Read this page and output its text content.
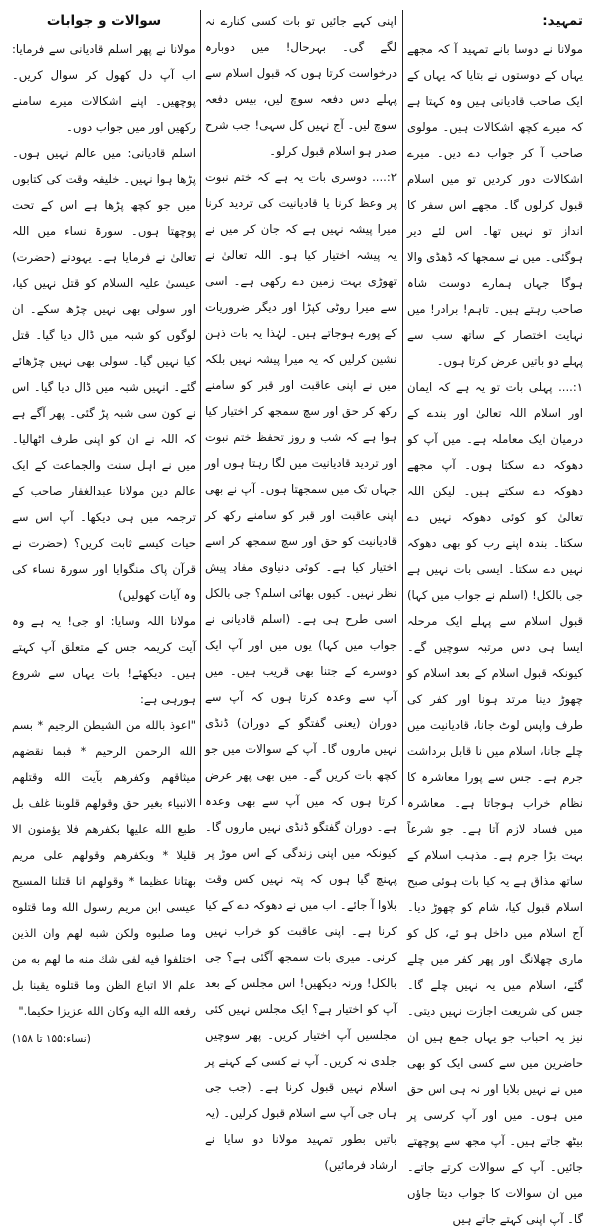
تمہید:

مولانا نے دوسا بانے تمہید آ کہ مجھے یہاں کے دوستوں نے بتایا کہ یہاں کے ایک صاحب قادیانی ہیں وہ کہتا ہے کہ میرے کچھ اشکالات ہیں۔ مولوی صاحب آ کر جواب دے دیں۔ میرے اشکالات دور کردیں تو میں اسلام قبول کرلوں گا۔ مجھے اس سفر کا انداز تو نہیں تھا۔ اس لئے دیر ہوگئی۔ میں نے سمجھا کہ ڈھڈی والا ہوگا جہاں ہمارے دوست شاہ صاحب رہتے ہیں۔ تاہم! برادر! میں نہایت اختصار کے ساتھ سب سے پہلے دو باتیں عرض کرتا ہوں۔

۱:.... پہلی بات تو یہ ہے کہ ایمان اور اسلام اللہ تعالیٰ اور بندے کے درمیان ایک معاملہ ہے۔ میں آپ کو دھوکہ دے سکتا ہوں۔ آپ مجھے دھوکہ دے سکتے ہیں۔ لیکن اللہ تعالیٰ کو کوئی دھوکہ نہیں دے سکتا۔ بندہ اپنے رب کو بھی دھوکہ نہیں دے سکتا۔ ایسی بات نہیں ہے جی بالکل! (اسلم نے جواب میں کہا) قبول اسلام سے پہلے ایک مرحلہ ایسا ہی دس مرتبہ سوچیں گے۔ کیونکہ قبول اسلام کے بعد اسلام کو چھوڑ دینا مرتد ہونا اور کفر کی طرف واپس لوٹ جانا، قادیانیت میں چلے جانا، اسلام میں نا قابل برداشت جرم ہے۔ جس سے پورا معاشرہ کا نظام خراب ہوجاتا ہے۔ معاشرہ میں فساد لازم آتا ہے۔ جو شرعاً بہت بڑا جرم ہے۔ مذہب اسلام کے ساتھ مذاق ہے یہ کیا بات ہوئی صبح اسلام قبول کیا، شام کو چھوڑ دیا۔ آج اسلام میں داخل ہو ئے، کل کو ماری چھلانگ اور پھر کفر میں چلے گئے، اسلام میں یہ نہیں چلے گا۔ جس کی شریعت اجازت نہیں دیتی۔ نیز یہ احباب جو یہاں جمع ہیں ان حاضرین میں سے کسی ایک کو بھی میں نے نہیں بلایا اور نہ ہی اس حق میں ہوں۔ میں اور آپ کرسی پر بیٹھ جاتے ہیں۔ آپ مجھ سے پوچھتے جائیں۔ آپ کے سوالات کرتے جاتے۔ میں ان سوالات کا جواب دیتا جاؤں گا۔ آپ اپنی کہتے جاتے ہیں

اپنی کہے جائیں تو بات کسی کنارے نہ لگے گی۔ بہرحال! میں دوبارہ درخواست کرتا ہوں کہ قبول اسلام سے پہلے دس دفعہ سوچ لیں، بیس دفعہ سوچ لیں۔ آج نہیں کل سہی! جب شرح صدر ہو اسلام قبول کرلو۔

۲:.... دوسری بات یہ ہے کہ ختم نبوت پر وعظ کرنا یا قادیانیت کی تردید کرنا میرا پیشہ نہیں ہے کہ جان کر میں نے یہ پیشہ اختیار کیا ہو۔ اللہ تعالیٰ نے تھوڑی بہت زمین دے رکھی ہے۔ اسی سے میرا روٹی کپڑا اور دیگر ضروریات کے پورے ہوجاتے ہیں۔ لہٰذا یہ بات ذہن نشین کرلیں کہ یہ میرا پیشہ نہیں بلکہ میں نے اپنی عاقبت اور قبر کو سامنے رکھ کر حق اور سچ سمجھ کر اختیار کیا ہوا ہے کہ شب و روز تحفظ ختم نبوت اور تردید قادیانیت میں لگا رہتا ہوں اور جہاں تک میں سمجھتا ہوں۔ آپ نے بھی اپنی عاقبت اور قبر کو سامنے رکھ کر قادیانیت کو حق اور سچ سمجھ کر اسے اختیار کیا ہے۔ کوئی دنیاوی مفاد پیش نظر نہیں۔ کیوں بھائی اسلم؟ جی بالکل اسی طرح ہی ہے۔ (اسلم قادیانی نے جواب میں کہا) یوں میں اور آپ ایک دوسرے کے جتنا بھی قریب ہیں۔ میں آپ سے وعدہ کرتا ہوں کہ آپ سے دوران (یعنی گفتگو کے دوران) ڈنڈی نہیں ماروں گا۔ آپ کے سوالات میں جو کچھ بات کریں گے۔ میں بھی پھر عرض کرتا ہوں کہ میں آپ سے بھی وعدہ ہے۔ دوران گفتگو ڈنڈی نہیں ماروں گا۔ کیونکہ میں اپنی زندگی کے اس موڑ پر پہنچ گیا ہوں کہ پتہ نہیں کس وقت بلاوا آ جائے۔ اب میں نے دھوکہ دے کے کیا کرنا ہے۔ اپنی عاقبت کو خراب نہیں کرنی۔ میری بات سمجھ آگئی ہے؟ جی بالکل! ورنہ دیکھیں! اس مجلس کے بعد آپ کو اختیار ہے؟ ایک مجلس نہیں کئی مجلسیں آپ اختیار کریں۔ پھر سوچیں جلدی نہ کریں۔ آپ نے کسی کے کہنے پر اسلام نہیں قبول کرنا ہے۔ (جب جی ہاں جی آپ سے اسلام قبول کرلیں۔ (یہ باتیں بطور تمہید مولانا دو سایا نے ارشاد فرمائیں)

سوالات و جوابات

مولانا نے پھر اسلم قادیانی سے فرمایا: اب آپ دل کھول کر سوال کریں۔ پوچھیں۔ اپنے اشکالات میرے سامنے رکھیں اور میں جواب دوں۔

اسلم قادیانی: میں عالم نہیں ہوں۔ پڑھا ہوا نہیں۔ خلیفہ وقت کی کتابوں میں جو کچھ پڑھا ہے اس کے تحت پوچھتا ہوں۔ سورۃ نساء میں اللہ تعالیٰ نے فرمایا ہے۔ یہودنے (حضرت) عیسیٰ علیہ السلام کو قتل نہیں کیا، اور سولی بھی نہیں چڑھ سکے۔ ان لوگوں کو شبہ میں ڈال دیا گیا۔ قتل کیا نہیں گیا۔ سولی بھی نہیں چڑھائے گئے۔ انہیں شبہ میں ڈال دیا گیا۔ اس نے کون سی شبہ پڑ گئی۔ پھر آگے ہے کہ اللہ نے ان کو اپنی طرف اٹھالیا۔ میں نے اہل سنت والجماعت کے ایک عالم دین مولانا عبدالغفار صاحب کے ترجمہ میں ہی دیکھا۔ آپ اس سے حیات کیسے ثابت کریں؟ (حضرت نے قرآن پاک منگوایا اور سورۃ نساء کی وہ آیات کھولیں)

مولانا اللہ وسایا: او جی! یہ ہے وہ آیت کریمہ جس کے متعلق آپ کہتے ہیں۔ دیکھئے! بات یہاں سے شروع ہورہی ہے:

"اعوذ بالله من الشيطن الرجيم * بسم الله الرحمن الرحيم * فبما نقضهم ميثاقهم وكفرهم بآيت الله وقتلهم الانبياء بغير حق وقولهم قلوبنا غلف بل طبع الله عليها بكفرهم فلا يؤمنون الا قليلا * وبكفرهم وقولهم على مريم بهتانا عظيما * وقولهم انا قتلنا المسيح عيسى ابن مريم رسول الله وما قتلوه وما صلبوه ولكن شبه لهم وان الذين اختلفوا فيه لفى شك منه ما لهم به من علم الا اتباع الظن وما قتلوه يقينا بل رفعه الله اليه وكان الله عزيزا حكيما."

(نساء:۱۵۵ تا ۱۵۸)
